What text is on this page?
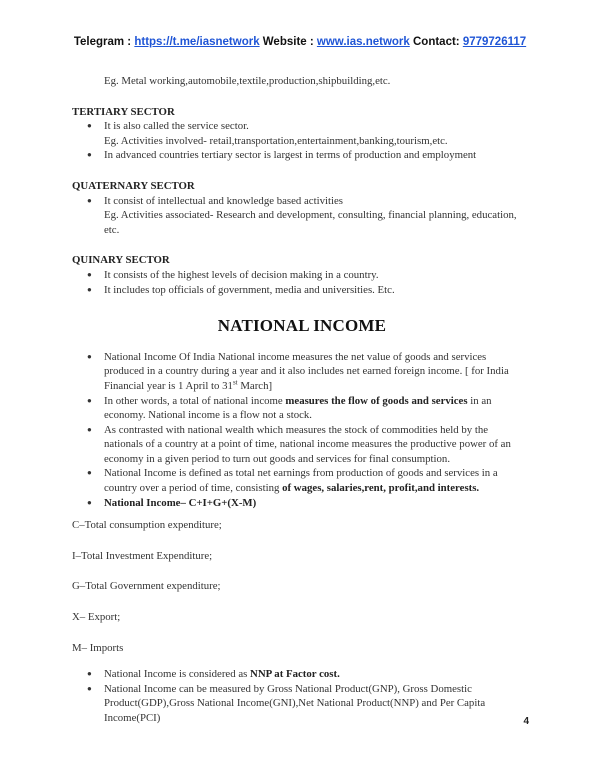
Telegram : https://t.me/iasnetwork Website : www.ias.network Contact: 9779726117
Eg. Metal working,automobile,textile,production,shipbuilding,etc.
TERTIARY SECTOR
● It is also called the service sector.
Eg. Activities involved- retail,transportation,entertainment,banking,tourism,etc.
● In advanced countries tertiary sector is largest in terms of production and employment
QUATERNARY SECTOR
● It consist of intellectual and knowledge based activities
Eg. Activities associated- Research and development, consulting, financial planning, education,
etc.
QUINARY SECTOR
● It consists of the highest levels of decision making in a country.
● It includes top officials of government, media and universities. Etc.
NATIONAL INCOME
● National Income Of India National income measures the net value of goods and services
produced in a country during a year and it also includes net earned foreign income. [ for India
Financial year is 1 April to 31st March]
● In other words, a total of national income measures the flow of goods and services in an
economy. National income is a flow not a stock.
● As contrasted with national wealth which measures the stock of commodities held by the
nationals of a country at a point of time, national income measures the productive power of an
economy in a given period to turn out goods and services for final consumption.
● National Income is defined as total net earnings from production of goods and services in a
country over a period of time, consisting of wages, salaries,rent, profit,and interests.
● National Income– C+I+G+(X-M)
C–Total consumption expenditure;
I–Total Investment Expenditure;
G–Total Government expenditure;
X– Export;
M– Imports
● National Income is considered as NNP at Factor cost.
● National Income can be measured by Gross National Product(GNP), Gross Domestic
Product(GDP),Gross National Income(GNI),Net National Product(NNP) and Per Capita
Income(PCI)	4
